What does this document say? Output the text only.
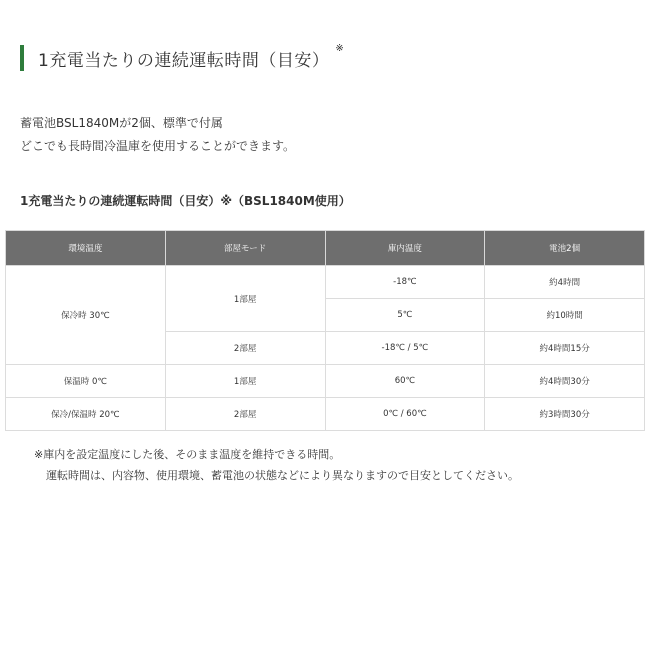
1充電当たりの連続運転時間（目安）※
蓄電池BSL1840Mが2個、標準で付属
どこでも長時間冷温庫を使用することができます。
1充電当たりの連続運転時間（目安）※（BSL1840M使用）
環境温度	部屋モード	庫内温度	電池2個
保冷時 30℃	1部屋	-18℃	約4時間
		5℃	約10時間
	2部屋	-18℃ / 5℃	約4時間15分
保温時 0℃	1部屋	60℃	約4時間30分
保冷/保温時 20℃	2部屋	0℃ / 60℃	約3時間30分
※庫内を設定温度にした後、そのまま温度を維持できる時間。
運転時間は、内容物、使用環境、蓄電池の状態などにより異なりますので目安としてください。
